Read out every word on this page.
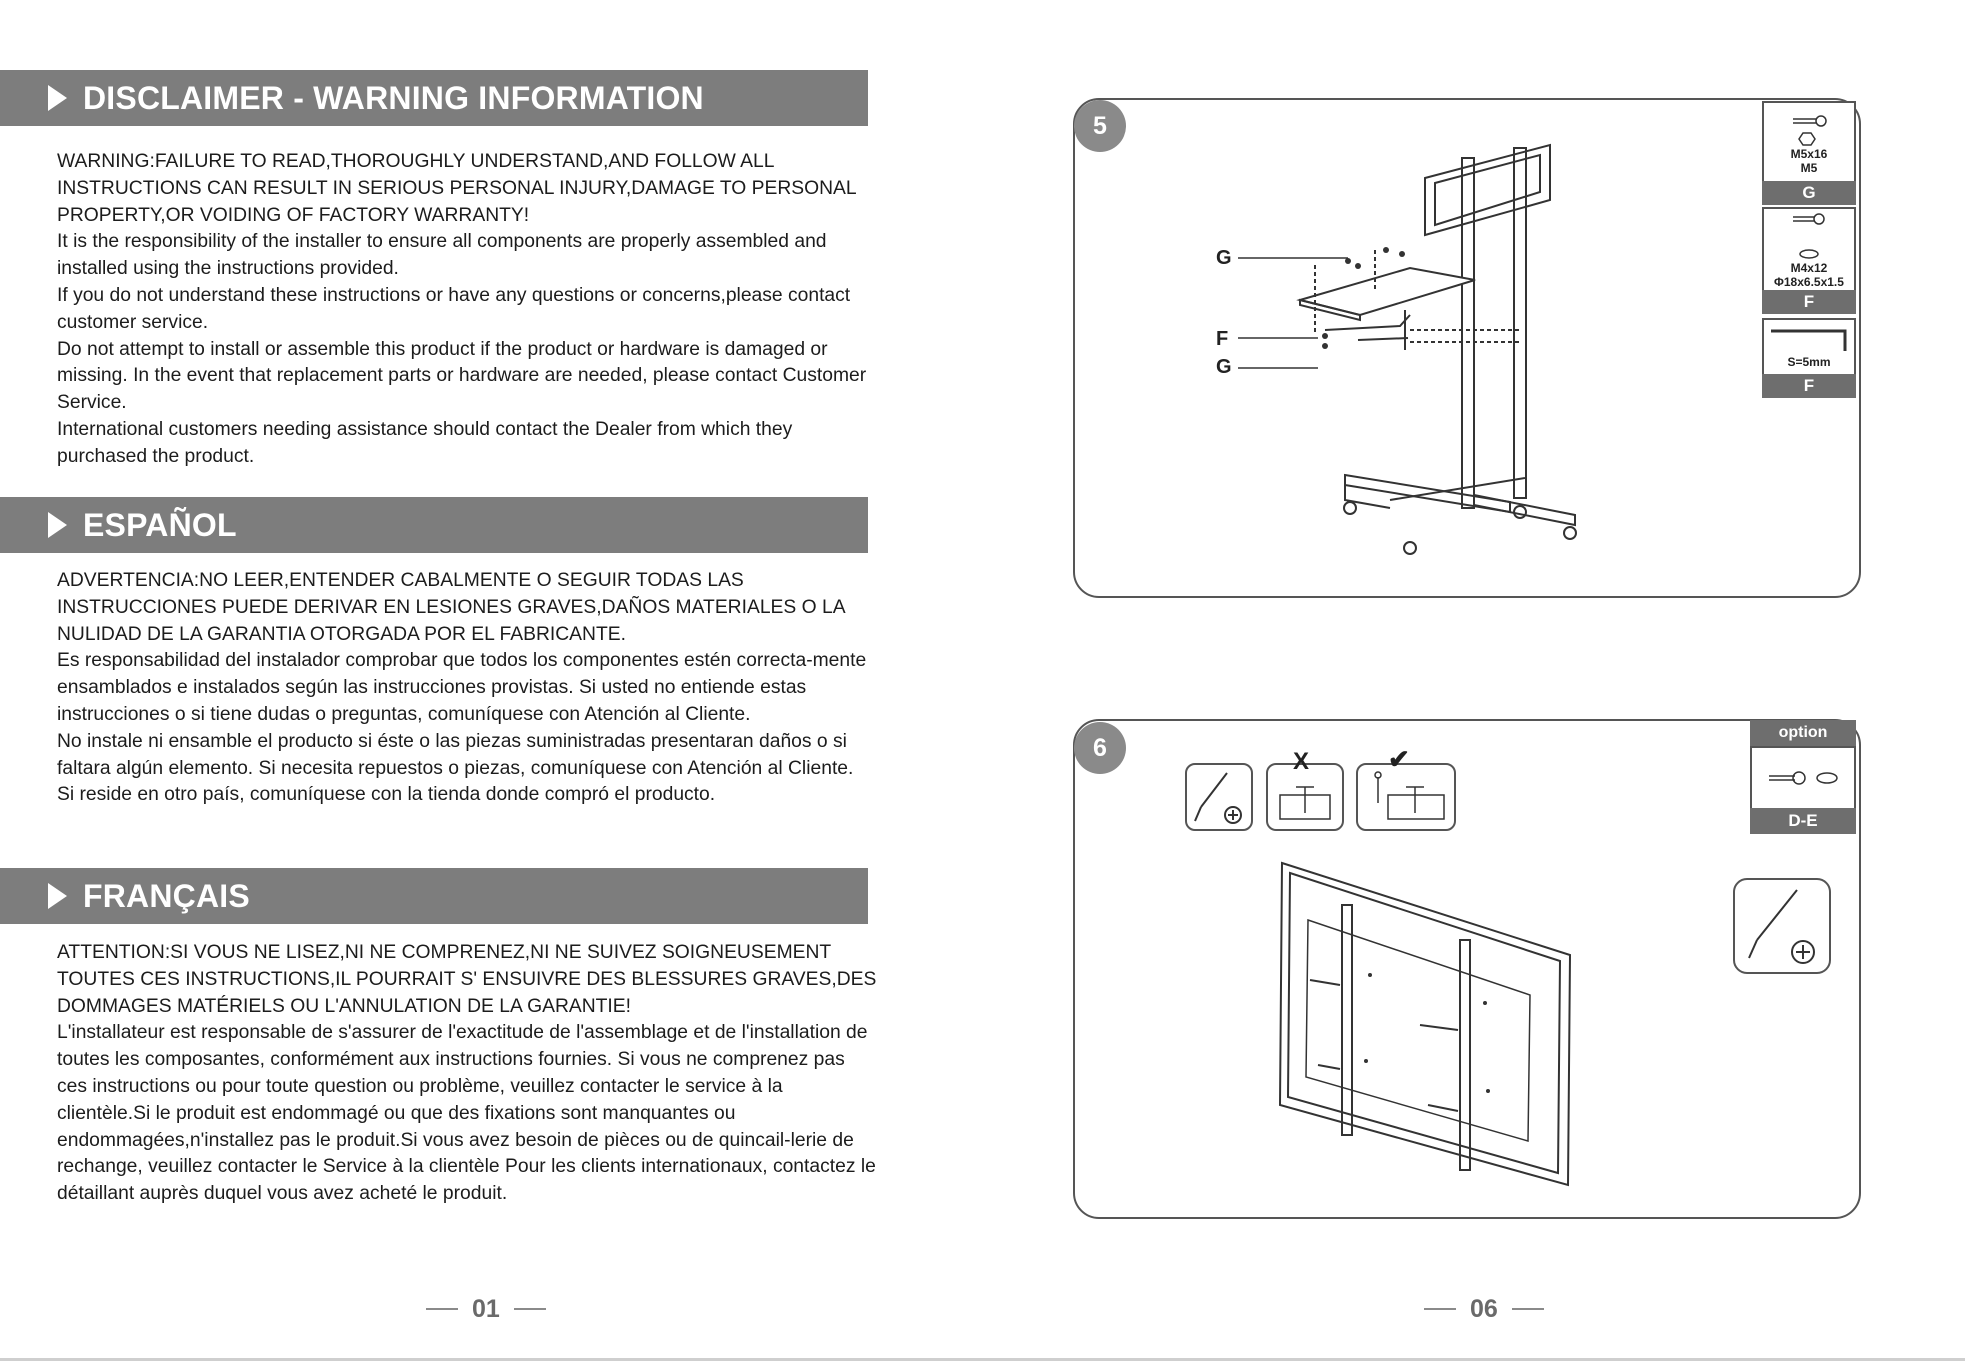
DISCLAIMER - WARNING INFORMATION

WARNING:FAILURE TO READ,THOROUGHLY UNDERSTAND,AND FOLLOW ALL INSTRUCTIONS CAN RESULT IN SERIOUS PERSONAL INJURY,DAMAGE TO PERSONAL PROPERTY,OR VOIDING OF FACTORY WARRANTY!

It is the responsibility of the installer to ensure all components are properly assembled and installed using the instructions provided.

If you do not understand these instructions or have any questions or concerns,please contact customer service.

Do not attempt to install or assemble this product if the product or hardware is damaged or missing. In the event that replacement parts or hardware are needed, please contact Customer Service.

International customers needing assistance should contact the Dealer from which they purchased the product.

ESPAÑOL

ADVERTENCIA:NO LEER,ENTENDER CABALMENTE O SEGUIR TODAS LAS INSTRUCCIONES PUEDE DERIVAR EN LESIONES GRAVES,DAÑOS MATERIALES O LA NULIDAD DE LA GARANTIA OTORGADA POR EL FABRICANTE.

Es responsabilidad del instalador comprobar que todos los componentes estén correcta-mente ensamblados e instalados según las instrucciones provistas. Si usted no entiende estas instrucciones o si tiene dudas o preguntas, comuníquese con Atención al Cliente.

No instale ni ensamble el producto si éste o las piezas suministradas presentaran daños o si faltara algún elemento. Si necesita repuestos o piezas, comuníquese con Atención al Cliente.

Si reside en otro país, comuníquese con la tienda donde compró el producto.

FRANÇAIS

ATTENTION:SI VOUS NE LISEZ,NI NE COMPRENEZ,NI NE SUIVEZ SOIGNEUSEMENT TOUTES CES INSTRUCTIONS,IL POURRAIT S' ENSUIVRE DES BLESSURES GRAVES,DES DOMMAGES MATÉRIELS OU L'ANNULATION DE LA GARANTIE!

L'installateur est responsable de s'assurer de l'exactitude de l'assemblage et de l'installation de toutes les composantes, conformément aux instructions fournies. Si vous ne comprenez pas ces instructions ou pour toute question ou problème, veuillez contacter le service à la clientèle.Si le produit est endommagé ou que des fixations sont manquantes ou endommagées,n'installez pas le produit.Si vous avez besoin de pièces ou de quincail-lerie de rechange, veuillez contacter le Service à la clientèle Pour les clients internationaux, contactez le détaillant auprès duquel vous avez acheté le produit.

01
5
G
F
G
M5x16
M5
G
M4x12
Φ18x6.5x1.5
F
S=5mm
F
6
option
D-E
X	✔
06
